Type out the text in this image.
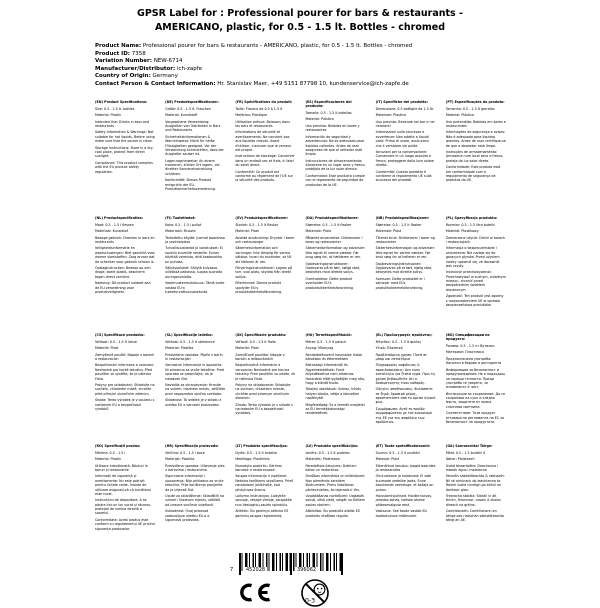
GPSR Label for : Professional pourer for bars & restaurants -
AMERICANO, plastic, for 0.5 - 1.5 lt. Bottles - chromed
Product Name: Professional pourer for bars & restaurants - AMERICANO, plastic, for 0.5 - 1.5 lt. Bottles - chromed
Product ID: 7358
Variation Number: NEW-6714
Manufacturer/Distributor: ich-zapfe
Country of Origin: Germany
Contact Person & Contact Information: Hr. Stanislav Maer, +49 5151 87798 10, kundenservice@ich-zapfe.de

(EN) Product Specifications:

Size: 0.5 - 1.5 lt. bottles

Material: Plastic

Intended Use: Drinks in bars and restaurants

Safety Information & Warnings: Not suitable for hot liquids. Before using make sure that the pourer is clean.

Storage Instructions: Store in a dry, cool place, protect from direct sunlight.

Compliance: This product complies with the EU product safety regulation.

(DE) Produktspezifikationen:

Größe: 0.5 - 1.5 lt. Flaschen

Material: Kunststoff

Vorgesehene Verwendung: Ausgießen von Getränken in Bars und Restaurants

Sicherheitsinformationen & Warnhinweise: Nicht für heiße Flüssigkeiten geeignet. Vor der Verwendung sicherstellen, dass der Ausgießer sauber ist.

Lagerungshinweise: An einem trockenen, kühlen Ort lagern, vor direkter Sonneneinstrahlung schützen.

Konformität: Dieses Produkt entspricht der EU-Produktsicherheitsverordnung.

(FR) Spécifications du produit:

Taille: Flacons de 0.5 à 1.5 lt

Matériau: Plastique

Utilisation prévue: Boissons dans les bars et restaurants

Informations de sécurité et avertissements: Ne convient pas aux liquides chauds. Avant d'utiliser, s'assurer que le verseur est propre.

Instructions de stockage: Conserver dans un endroit sec et frais, à l'abri du soleil direct.

Conformité: Ce produit est conforme au règlement de l'UE sur la sécurité des produits.

(ES) Especificaciones del producto:

Tamaño: 0.5 - 1.5 lt botellas

Material: Plástico

Uso previsto: Bebidas en bares y restaurantes

Información de seguridad y advertencias: No es adecuado para líquidos calientes. Antes de usar asegúrese de que el vertedor esté limpio.

Instrucciones de almacenamiento: Almacene en un lugar seco y fresco, protéjalo de la luz solar directa.

Conformidad: Este producto cumple con el reglamento de seguridad de productos de la UE.

(IT) Specifiche del prodotto:

Dimensione: 0.5 bottiglie da 1.5 ltr.

Materiale: Plastica

Uso previsto: Bevande nei bar e nei ristoranti

Informazioni sulla sicurezza e avvertenze: Non adatto a liquidi caldi. Prima di usare, assicurarsi che il versatore sia pulito.

Istruzioni per la conservazione: Conservare in un luogo asciutto e fresco, proteggere dalla luce solare diretta.

Conformità: Questo prodotto è conforme al regolamento UE sulla sicurezza dei prodotti.

(PT) Especificações do produto:

Tamanho: 0.5 - 1.5 lt garrafas

Material: Plástico

Uso pretendido: Bebidas em bares e restaurantes

Informações de segurança e avisos: Não é adequado para líquidos quentes. Antes de usar certifique-se de que o doseador está limpo.

Instruções de armazenamento: Armazene num local seco e fresco, proteja da luz solar direta.

Conformidade: Este produto está em conformidade com o regulamento de segurança de produtos da UE.

(NL) Productspecificaties:

Maat: 0.5 - 1.5 l flessen

Materiaal: Kunststof

Beoogd gebruik: Dranken in bars en restaurants

Veiligheidsinformatie en waarschuwingen: Niet geschikt voor warme vloeistoffen. Zorg ervoor dat de schenker voor gebruik schoon is.

Opslaginstructies: Bewaar op een droge, koele plaats, bescherm tegen direct zonlicht.

Naleving: Dit product voldoet aan de EU-verordening voor productveiligheid.

(FI) Tuotetiedot:

Koko: 0.5 - 1.5 l pullot

Materiaali: Muovia

Tarkoitettu käyttö: Juomat baareissa ja ravintoloissa

Turvallisuustiedot ja varoitukset: Ei sovellu kuumille nesteille. Ennen käyttöä varmista, että kaatonokka on puhdas.

Säilytysohjeet: Säilytä kuivassa, viileässä paikassa, suojaa suoralta auringonvalolta.

Vaatimustenmukaisuus: Tämä tuote vastaa EU:n tuoteturvallisuusasetusta.

(SV) Produktspecifikationer:

Storlek: 0.5 - 1.5 lt flaskor

Material: Plast

Avsedd användning: Drycker i barer och restauranger

Säkerhetsinformation och varningar: Inte lämplig för varma vätskor. Innan du använder, se till att hällaren är ren.

Förvaringsinstruktioner: Lagras på torr, sval plats, skydda från direkt solljus.

Efterlevnad: Denna produkt uppfyller EU:s produktsäkerhetsförordning.

(DA) Produktspecifikationer:

Størrelse: 0.5 - 1.5 lt flasker

Materiale: Plast

Påtænkt anvendelse: Drikkevarer i barer og restauranter

Sikkerhedsinformation og advarsler: Ikke egnet til varme væsker. Før brug sørg for, at hælderen er ren.

Opbevaringsinstruktioner: Opbevares på et tørt, køligt sted, beskyttes mod direkte sollys.

Overholdelse: Dette produkt overholder EU's produktsikkerhedsforordning.

(NB) Produktspesifikasjoner:

Størrelse: 0.5 - 1.5 lt flasker

Materiale: Plast

Tiltenkt bruk: Drikkevarer i barer og restauranter

Sikkerhetsinformasjon og advarsler: Ikke egnet for varme væsker. Før bruk sørg for at helleren er ren.

Oppbevaringsinstruksjoner: Oppbevares på et tørt, kjølig sted, beskyttes mot direkte sollys.

Samsvar: Dette produktet er i samsvar med EUs produktsikkerhetsforordning.

(PL) Specyfikacja produktu:

Rozmiar: 0.5 - 1.5 litra butelki

Materiał: Plastikowy

Zamierzone użycie: Drinki w barach i restauracjach

Informacja o bezpieczeństwie i ostrzeżenia: Nie nadaje się do gorących płynów. Przed użyciem należy upewnić się, że dozownik jest czysty.

Instrukcje przechowywania: Przechowywać w suchym, chłodnym miejscu, chronić przed bezpośrednim światłem słonecznym.

Zgodność: Ten produkt jest zgodny z rozporządzeniem UE w sprawie bezpieczeństwa produktów.

(CS) Specifikace produktu:

Velikost: 0.5 - 1.5 lt lahve

Materiál: Plast

Zamýšlené použití: Nápoje v barech a restauracích

Bezpečnostní informace a varování: Nevhodné pro horké tekutiny. Před použitím se ujistěte, že je nálevka čistá.

Pokyny pro skladování: Skladujte na suchém, chladném místě, chraňte před přímým slunečním zářením.

Shoda: Tento výrobek je v souladu s nařízením EU o bezpečnosti výrobků.

(SL) Specifikacije izdelka:

Velikost: 0.5 - 1.5 lt steklenice

Material: Plastika

Predvidena uporaba: Pijače v barih in restavracijah

Varnostne informacije in opozorila: Ni primerno za vroče tekočine. Pred uporabo se prepričajte, da je nastavek čist.

Navodila za shranjevanje: Hranite na suhem, hladnem mestu, zaščitite pred neposredno sončno svetlobo.

Skladnost: Ta izdelek je v skladu z uredbo EU o varnosti proizvodov.

(SK) Špecifikácie produktu:

Veľkosť: 0.5 - 1.5 lt fľaše

Materiál: Plast

Zamýšľané použitie: Nápoje v baroch a reštauráciách

Bezpečnostné informácie a varovania: Nevhodné pre horúce tekutiny. Pred použitím sa uistite, že je nálievka čistá.

Pokyny na skladovanie: Skladujte na suchom, chladnom mieste, chráňte pred priamym slnečným žiarením.

Zhoda: Tento výrobok je v súlade s nariadením EÚ o bezpečnosti výrobkov.

(HU) Termékspecifikáció:

Méret: 0.5 - 1.5 lt palack

Anyag: Műanyag

Rendeltetésszerű használat: Italok bárokban és éttermekben

Biztonsági információk és figyelmeztetések: Forró folyadékokhoz nem alkalmas. Használat előtt győződjön meg róla, hogy a kiöntő tiszta.

Tárolási utasítások: Száraz, hűvös helyen tárolja, védje a közvetlen napfénytől.

Megfelelőség: Ez a termék megfelel az EU termékbiztonsági rendeletének.

(EL) Προδιαγραφές προϊόντος:

Μέγεθος: 0.5 - 1.5 lt φιάλες

Υλικό: Πλαστικό

Προβλεπόμενη χρήση: Ποτά σε μπαρ και εστιατόρια

Πληροφορίες ασφάλειας & προειδοποιήσεις: Δεν είναι κατάλληλο για ζεστά υγρά. Πριν τη χρήση βεβαιωθείτε ότι ο δοσομετρητής είναι καθαρός.

Οδηγίες αποθήκευσης: Φυλάσσετε σε ξηρό, δροσερό μέρος, προστατεύστε από το άμεσο ηλιακό φως.

Συμμόρφωση: Αυτό το προϊόν συμμορφώνεται με τον κανονισμό της ΕΕ για την ασφάλεια των προϊόντων.

(BG) Спецификации на продукта:

Размер: 0.5 - 1.5 лт бутилки

Материал: Пластмаса

Предназначена употреба: Напитки в барове и ресторанти

Информация за безопасност и предупреждения: Не е подходящ за горещи течности. Преди употреба се уверете, че изливникът е чист.

Инструкции за съхранение: Да се съхранява на сухо и хладно място, защитете от пряка слънчева светлина.

Съответствие: Този продукт отговаря на регламента на ЕС за безопасност на продуктите.

(RO) Specificații produs:

Mărime: 0.5 - 1.5 l

Material: Plastic

Utilizare intenționată: Băuturi în baruri și restaurante

Informații de siguranță și avertismente: Nu este potrivit pentru lichide calde. Înainte de utilizare asigurați-vă că turnătorul este curat.

Instrucțiuni de depozitare: A se păstra într-un loc uscat și răcoros, protejați de lumina directă a soarelui.

Conformitate: Acest produs este conform cu regulamentul UE privind siguranța produselor.

(HR) Specifikacija proizvoda:

Veličina: 0.5 - 1.5 l boce

Materijal: Plastika

Predviđena uporaba: Ulijevanje pića u barovima i restoranima

Sigurnosne informacije i upozorenja: Nije prikladno za vruće tekućine. Prije korištenja provjerite da je izljevač čist.

Upute za skladištenje: Skladištiti na suhom i hladnom mjestu, zaštititi od izravne sunčeve svjetlosti.

Sukladnost: Ovaj proizvod zadovoljava uredbu EU-a o sigurnosti proizvoda.

(LT) Produkto specifikacijos:

Dydis: 0.5 - 1.5 lt buteliai

Medžiaga: Plastikinis

Numatyta paskirtis: Gėrimai baruose ir restoranuose

Saugos informacija ir įspėjimai: Netinka karštiems skysčiams. Prieš naudodami įsitikinkite, kad pilstytuvas švarus.

Laikymo instrukcijos: Laikykite sausoje, vėsioje vietoje, saugokite nuo tiesioginių saulės spindulių.

Atitiktis: Šis gaminys atitinka ES gaminių saugos reglamentą.

(LV) Produkta specifikācijas:

Izmērs: 0.5 - 1.5 lt pudeles

Materiāls: Plastmasa

Paredzētais lietojums: Dzērieni bāros un restorānos

Drošības informācija un brīdinājumi: Nav piemērots karstiem šķidrumiem. Pirms lietošanas pārliecinieties, ka lejamais ir tīrs.

Uzglabāšanas norādījumi: Uzglabāt sausā, vēsā vietā, sargāt no tiešiem saules stariem.

Atbilstība: Šis produkts atbilst ES produktu drošības regulai.

(ET) Toote spetsifikatsioonid:

Suurus: 0.5 - 1.5 lt pudelid

Materjal: Plast

Ettenähtud kasutus: Joogid baarides ja restoranides

Ohutusteave ja hoiatused: Ei sobi kuumade vedelike jaoks. Enne kasutamist veenduge, et kallaja on puhas.

Hoiustamisjuhised: Hoidke kuivas, jahedas kohas, kaitske otsese päikesevalguse eest.

Vastavus: See toode vastab ELi tooteohutuse määrusele.

(GA) Sonraíochtaí Táirge:

Méid: 0.5 - 1.5 buidéil lt

Ábhar: Plaisteach

Úsáid bheartaithe: Deochanna i mbeáir agus i mbialanna

Faisnéis sábháilteachta & rabhaidh: Níl sé oiriúnach do leachtanna te. Roimh úsáid cinntigh go bhfuil an doirteoir glan.

Treoracha stórála: Stóráil in áit thirim, fhionnuar, cosain ó sholas díreach na gréine.

Comhlíonadh: Comhlíonann an táirge seo rialachán sábháilteachta táirgí an AE.

7	452028	396062
0-3
